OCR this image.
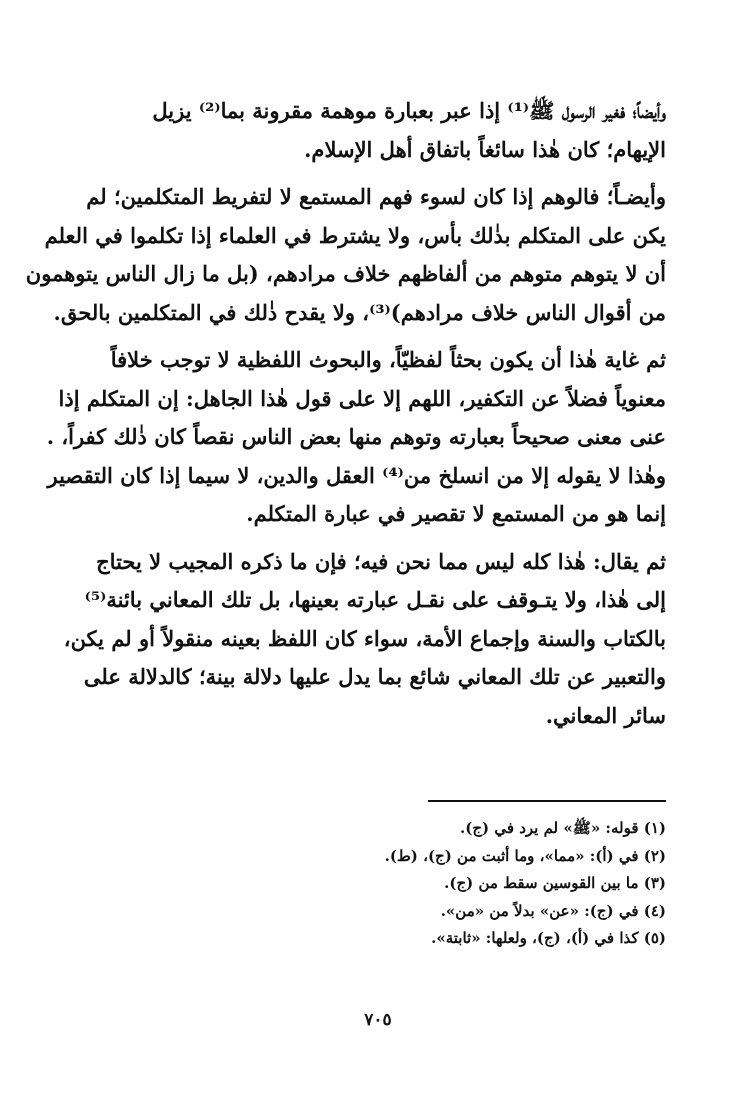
وأيضاً؛ فغير الرسول ﷺ⁽¹⁾ إذا عبر بعبارة موهمة مقرونة بما⁽²⁾ يزيل
الإيهام؛ كان هٰذا سائغاً باتفاق أهل الإسلام.

وأيضـاً؛ فالوهم إذا كان لسوء فهم المستمع لا لتفريط المتكلمين؛ لم
يكن على المتكلم بذٰلك بأس، ولا يشترط في العلماء إذا تكلموا في العلم
أن لا يتوهم متوهم من ألفاظهم خلاف مرادهم، (بل ما زال الناس يتوهمون
من أقوال الناس خلاف مرادهم)⁽³⁾، ولا يقدح ذٰلك في المتكلمين بالحق.

ثم غاية هٰذا أن يكون بحثاً لفظيّاً، والبحوث اللفظية لا توجب خلافاً
معنوياً فضلاً عن التكفير، اللهم إلا على قول هٰذا الجاهل: إن المتكلم إذا
عنى معنى صحيحاً بعبارته وتوهم منها بعض الناس نقصاً كان ذٰلك كفراً، .
وهٰذا لا يقوله إلا من انسلخ من⁽⁴⁾ العقل والدين، لا سيما إذا كان التقصير
إنما هو من المستمع لا تقصير في عبارة المتكلم.

ثم يقال: هٰذا كله ليس مما نحن فيه؛ فإن ما ذكره المجيب لا يحتاج
إلى هٰذا، ولا يتـوقف على نقـل عبارته بعينها، بل تلك المعاني بائنة⁽⁵⁾
بالكتاب والسنة وإجماع الأمة، سواء كان اللفظ بعينه منقولاً أو لم يكن،
والتعبير عن تلك المعاني شائع بما يدل عليها دلالة بينة؛ كالدلالة على
سائر المعاني.

(١) قوله: «ﷺ» لم يرد في (ج).
(٢) في (أ): «مما»، وما أثبت من (ج)، (ط).
(٣) ما بين القوسين سقط من (ج).
(٤) في (ج): «عن» بدلاً من «من».
(٥) كذا في (أ)، (ج)، ولعلها: «ثابتة».
٧٠٥
